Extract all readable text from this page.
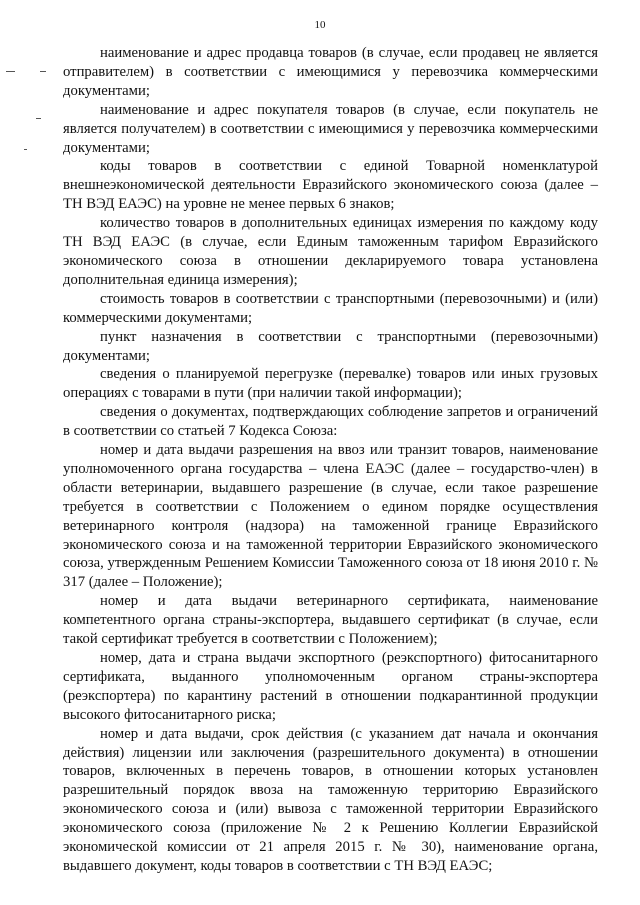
10

наименование и адрес продавца товаров (в случае, если продавец не является отправителем) в соответствии с имеющимися у перевозчика коммерческими документами;

наименование и адрес покупателя товаров (в случае, если покупатель не является получателем) в соответствии с имеющимися у перевозчика коммерческими документами;

коды товаров в соответствии с единой Товарной номенклатурой внешнеэкономической деятельности Евразийского экономического союза (далее – ТН ВЭД ЕАЭС) на уровне не менее первых 6 знаков;

количество товаров в дополнительных единицах измерения по каждому коду ТН ВЭД ЕАЭС (в случае, если Единым таможенным тарифом Евразийского экономического союза в отношении декларируемого товара установлена дополнительная единица измерения);

стоимость товаров в соответствии с транспортными (перевозочными) и (или) коммерческими документами;

пункт назначения в соответствии с транспортными (перевозочными) документами;

сведения о планируемой перегрузке (перевалке) товаров или иных грузовых операциях с товарами в пути (при наличии такой информации);

сведения о документах, подтверждающих соблюдение запретов и ограничений в соответствии со статьей 7 Кодекса Союза:

номер и дата выдачи разрешения на ввоз или транзит товаров, наименование уполномоченного органа государства – члена ЕАЭС (далее – государство-член) в области ветеринарии, выдавшего разрешение (в случае, если такое разрешение требуется в соответствии с Положением о едином порядке осуществления ветеринарного контроля (надзора) на таможенной границе Евразийского экономического союза и на таможенной территории Евразийского экономического союза, утвержденным Решением Комиссии Таможенного союза от 18 июня 2010 г. № 317 (далее – Положение);

номер и дата выдачи ветеринарного сертификата, наименование компетентного органа страны-экспортера, выдавшего сертификат (в случае, если такой сертификат требуется в соответствии с Положением);

номер, дата и страна выдачи экспортного (реэкспортного) фитосанитарного сертификата, выданного уполномоченным органом страны-экспортера (реэкспортера) по карантину растений в отношении подкарантинной продукции высокого фитосанитарного риска;

номер и дата выдачи, срок действия (с указанием дат начала и окончания действия) лицензии или заключения (разрешительного документа) в отношении товаров, включенных в перечень товаров, в отношении которых установлен разрешительный порядок ввоза на таможенную территорию Евразийского экономического союза и (или) вывоза с таможенной территории Евразийского экономического союза (приложение № 2 к Решению Коллегии Евразийской экономической комиссии от 21 апреля 2015 г. № 30), наименование органа, выдавшего документ, коды товаров в соответствии с ТН ВЭД ЕАЭС;
